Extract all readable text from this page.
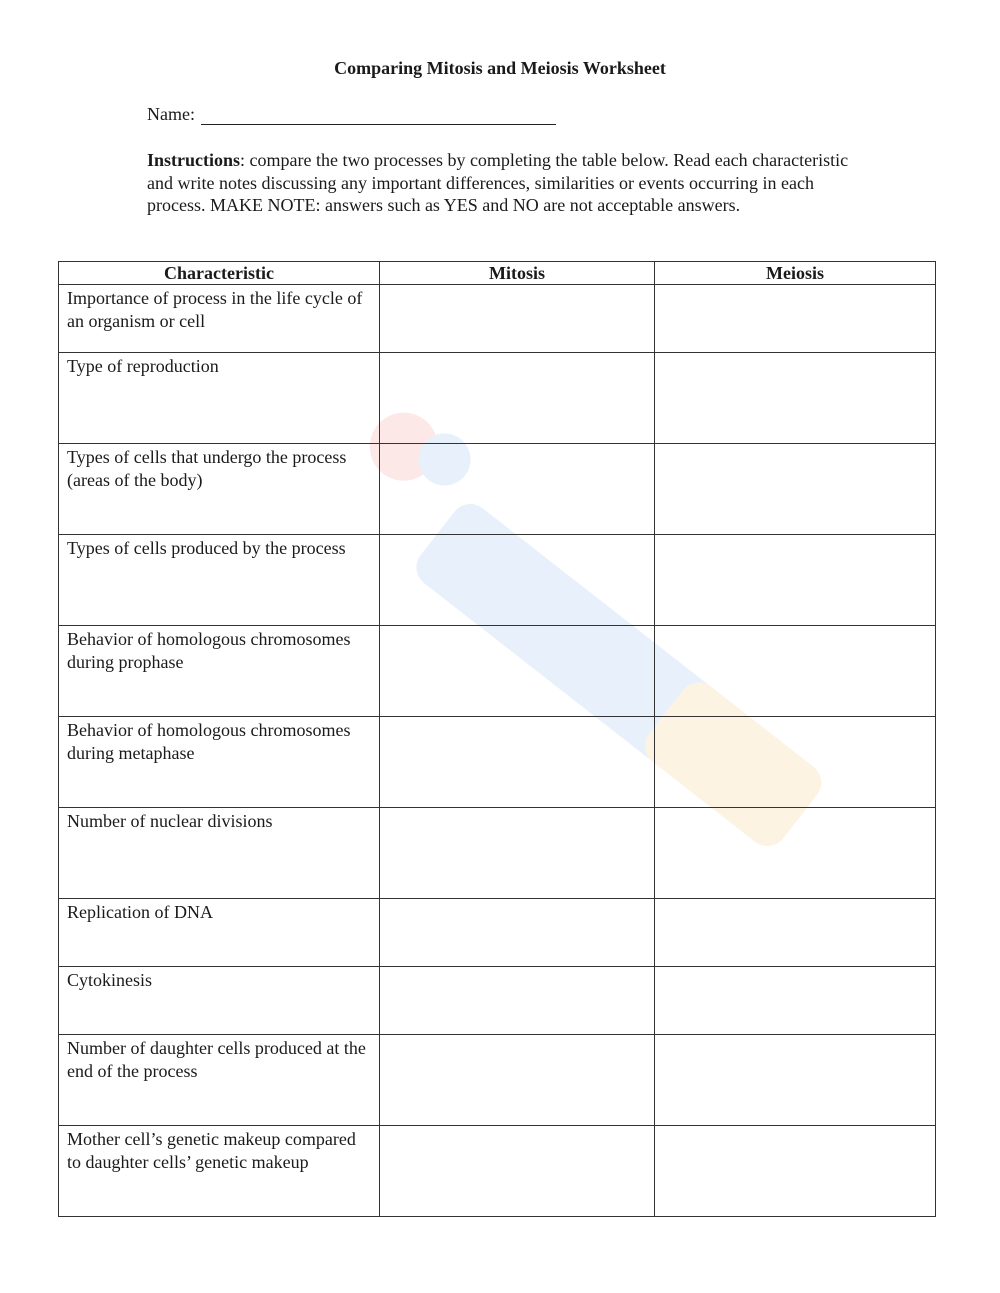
Comparing Mitosis and Meiosis Worksheet
Name:
Instructions: compare the two processes by completing the table below. Read each characteristic and write notes discussing any important differences, similarities or events occurring in each process. MAKE NOTE: answers such as YES and NO are not acceptable answers.
Characteristic	Mitosis	Meiosis
Importance of process in the life cycle of an organism or cell		
Type of reproduction		
Types of cells that undergo the process (areas of the body)		
Types of cells produced by the process		
Behavior of homologous chromosomes during prophase		
Behavior of homologous chromosomes during metaphase		
Number of nuclear divisions		
Replication of DNA		
Cytokinesis		
Number of daughter cells produced at the end of the process		
Mother cell’s genetic makeup compared to daughter cells’ genetic makeup		
